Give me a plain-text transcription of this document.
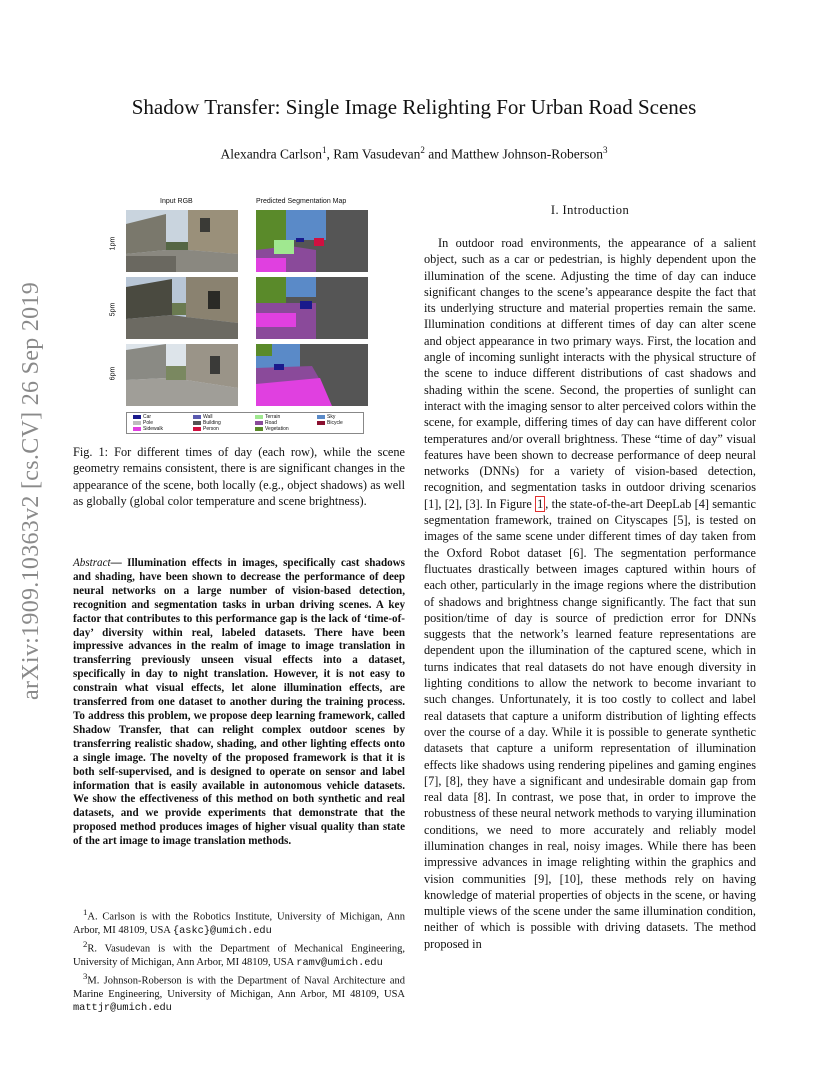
Shadow Transfer: Single Image Relighting For Urban Road Scenes
Alexandra Carlson$^1$, Ram Vasudevan$^2$ and Matthew Johnson-Roberson$^3$
arXiv:1909.10363v2 [cs.CV] 26 Sep 2019
Input RGB	Predicted Segmentation Map
1pm
5pm
6pm
Car
Pole
Sidewalk
Wall
Building
Person
Terrain
Road
Vegetation
Sky
Bicycle
Fig. 1: For different times of day (each row), while the scene geometry remains consistent, there is are significant changes in the appearance of the scene, both locally (e.g., object shadows) as well as globally (global color temperature and scene brightness).
Abstract— Illumination effects in images, specifically cast shadows and shading, have been shown to decrease the performance of deep neural networks on a large number of vision-based detection, recognition and segmentation tasks in urban driving scenes. A key factor that contributes to this performance gap is the lack of ‘time-of-day’ diversity within real, labeled datasets. There have been impressive advances in the realm of image to image translation in transferring previously unseen visual effects into a dataset, specifically in day to night translation. However, it is not easy to constrain what visual effects, let alone illumination effects, are transferred from one dataset to another during the training process. To address this problem, we propose deep learning framework, called Shadow Transfer, that can relight complex outdoor scenes by transferring realistic shadow, shading, and other lighting effects onto a single image. The novelty of the proposed framework is that it is both self-supervised, and is designed to operate on sensor and label information that is easily available in autonomous vehicle datasets. We show the effectiveness of this method on both synthetic and real datasets, and we provide experiments that demonstrate that the proposed method produces images of higher visual quality than state of the art image to image translation methods.

$^1$A. Carlson is with the Robotics Institute, University of Michigan, Ann Arbor, MI 48109, USA {askc}@umich.edu

$^2$R. Vasudevan is with the Department of Mechanical Engineering, University of Michigan, Ann Arbor, MI 48109, USA ramv@umich.edu

$^3$M. Johnson-Roberson is with the Department of Naval Architecture and Marine Engineering, University of Michigan, Ann Arbor, MI 48109, USA mattjr@umich.edu

I. Introduction

In outdoor road environments, the appearance of a salient object, such as a car or pedestrian, is highly dependent upon the illumination of the scene. Adjusting the time of day can induce significant changes to the scene’s appearance despite the fact that its underlying structure and material properties remain the same. Illumination conditions at different times of day can alter scene and object appearance in two primary ways. First, the location and angle of incoming sunlight interacts with the physical structure of the scene to induce different distributions of cast shadows and shading within the scene. Second, the properties of sunlight can interact with the imaging sensor to alter perceived colors within the scene, for example, differing times of day can have different color temperatures and/or overall brightness. These “time of day” visual features have been shown to decrease performance of deep neural networks (DNNs) for a variety of vision-based detection, recognition, and segmentation tasks in outdoor driving scenarios [1], [2], [3]. In Figure 1 , the state-of-the-art DeepLab [4] semantic segmentation framework, trained on Cityscapes [5], is tested on images of the same scene under different times of day taken from the Oxford Robot dataset [6]. The segmentation performance fluctuates drastically between images captured within hours of each other, particularly in the image regions where the distribution of shadows and brightness change significantly. The fact that sun position/time of day is source of prediction error for DNNs suggests that the network’s learned feature representations are dependent upon the illumination of the captured scene, which in turns indicates that real datasets do not have enough diversity in lighting conditions to allow the network to become invariant to such changes. Unfortunately, it is too costly to collect and label real datasets that capture a uniform distribution of lighting effects over the course of a day. While it is possible to generate synthetic datasets that capture a uniform representation of illumination effects like shadows using rendering pipelines and gaming engines [7], [8], they have a significant and undesirable domain gap from real data [8]. In contrast, we pose that, in order to improve the robustness of these neural network methods to varying illumination conditions, we need to more accurately and reliably model illumination changes in real, noisy images. While there has been impressive advances in image relighting within the graphics and vision communities [9], [10], these methods rely on having knowledge of material properties of objects in the scene, or having multiple views of the scene under the same illumination condition, neither of which is possible with driving datasets. The method proposed in
